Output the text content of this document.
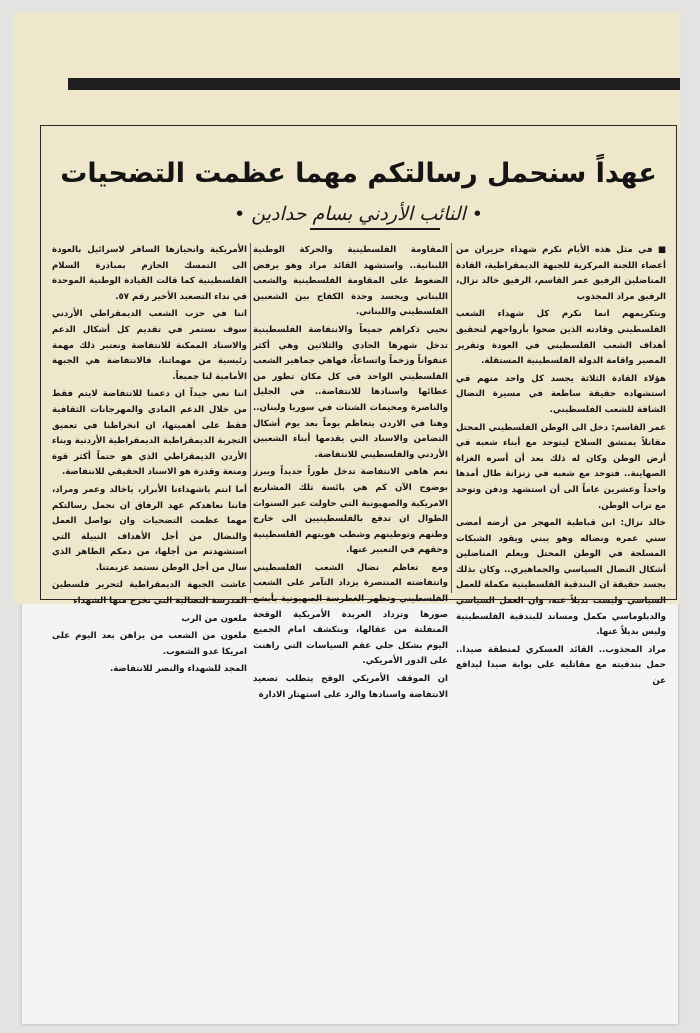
عهداً سنحمل رسالتكم مهما عظمت التضحيات
• النائب الأردني بسام حدادين •

■ في مثل هذه الأيام نكرم شهداء حزيران من أعضاء اللجنة المركزية للجبهة الديمقراطية، القادة المناضلين الرفيق عمر القاسم، الرفيق خالد نزال، الرفيق مراد المجذوب

وبتكريمهم انما نكرم كل شهداء الشعب الفلسطيني وقادته الذين ضحوا بأرواحهم لتحقيق أهداف الشعب الفلسطيني في العودة وتقرير المصير واقامة الدولة الفلسطينية المستقلة.

هؤلاء القادة الثلاثة يجسد كل واحد منهم في استشهاده حقيقة ساطعة في مسيرة النضال الشاقة للشعب الفلسطيني.

عمر القاسم: دخل الى الوطن الفلسطيني المحتل مقاتلاً يمتشق السلاح ليتوحد مع أبناء شعبه في أرض الوطن وكان له ذلك بعد أن أسره الغزاة الصهاينة.. فتوحد مع شعبه في زنزانة طال أمدها واحداً وعشرين عاماً الى أن استشهد ودفن وتوحد مع تراب الوطن.

خالد نزال: ابن قباطية المهجر من أرضه أمضى سني عمره ونضاله وهو يبني ويقود الشبكات المسلحة في الوطن المحتل ويعلم المناضلين أشكال النضال السياسي والجماهيري.. وكان بذلك يجسد حقيقة ان البندقية الفلسطينية مكملة للعمل السياسي وليست بديلاً عنه، وان العمل السياسي والدبلوماسي مكمل ومساند للبندقية الفلسطينية وليس بديلاً عنها.

مراد المجذوب.. القائد العسكري لمنطقة صيدا.. حمل بندقيته مع مقاتليه على بوابة صيدا ليدافع عن

المقاومة الفلسطينية والحركة الوطنية اللبنانية.. واستشهد القائد مراد وهو يرفض الضغوط على المقاومة الفلسطينية والشعب اللبناني ويجسد وحدة الكفاح بين الشعبين الفلسطيني واللبناني.

نحيي ذكراهم جميعاً والانتفاضة الفلسطينية تدخل شهرها الحادي والثلاثين وهي أكثر عنفواناً وزخماً واتساعاً، فهاهي جماهير الشعب الفلسطيني الواحد في كل مكان تطور من عطائها واسنادها للانتفاضة.. في الجليل والناصرة ومخيمات الشتات في سوريا ولبنان.. وهنا في الاردن يتعاظم يوماً بعد يوم أشكال التضامن والاسناد التي يقدمها أبناء الشعبين الأردني والفلسطيني للانتفاضة.

نعم هاهي الانتفاضة تدخل طوراً جديداً ويبرز بوضوح الآن كم هي بائسة تلك المشاريع الامريكية والصهيونية التي حاولت عبر السنوات الطوال ان تدفع بالفلسطينيين الى خارج وطنهم وتوطينهم وشطب هويتهم الفلسطينية وحقهم في التعبير عنها.

ومع تعاظم نضال الشعب الفلسطيني وانتفاضته المنتصرة يزداد التآمر على الشعب الفلسطيني وتظهر الغطرسة الصهيونية بأبشع صورها وتزداد العربدة الأمريكية الوقحة المنفلتة من عقالها، ويتكشف امام الجميع اليوم بشكل جلي عقم السياسات التي راهنت على الدور الأمريكي.

ان الموقف الأمريكي الوقح يتطلب تصعيد الانتفاضة واسنادها والرد على استهتار الادارة

الأمريكية وانحيازها السافر لاسرائيل بالعودة الى التمسك الحازم بمبادرة السلام الفلسطينية كما قالت القيادة الوطنية الموحدة في نداء التصعيد الأخير رقم ٥٧.

اننا في حزب الشعب الديمقراطي الأردني سوف نستمر في تقديم كل أشكال الدعم والاسناد الممكنة للانتفاضة ونعتبر ذلك مهمة رئيسية من مهماتنا، فالانتفاضة هي الجبهة الأمامية لنا جميعاً.

اننا نعي جيداً ان دعمنا للانتفاضة لايتم فقط من خلال الدعم المادي والمهرجانات الثقافية فقط على أهميتها، ان انخراطنا في تعميق التجربة الديمقراطية الديمقراطية الأردنية وبناء الأردن الديمقراطي الذي هو حتماً أكثر قوة ومنعة وقدرة هو الاسناد الحقيقي للانتفاضة.

أما انتم ياشهداءنا الأبرار، ياخالد وعمر ومراد، فاننا نعاهدكم عهد الرفاق ان نحمل رسالتكم مهما عظمت التضحيات وان نواصل العمل والنضال من أجل الأهداف النبيلة التي استشهدتم من أجلها، من دمكم الطاهر الذي سال من أجل الوطن نستمد عزيمتنا.

عاشت الجبهة الديمقراطية لتحرير فلسطين المدرسة النضالية التي تخرج منها الشهداء

ملعون من الرب

ملعون من الشعب من يراهن بعد اليوم على امريكا عدو الشعوب.

المجد للشهداء والنصر للانتفاضة.
